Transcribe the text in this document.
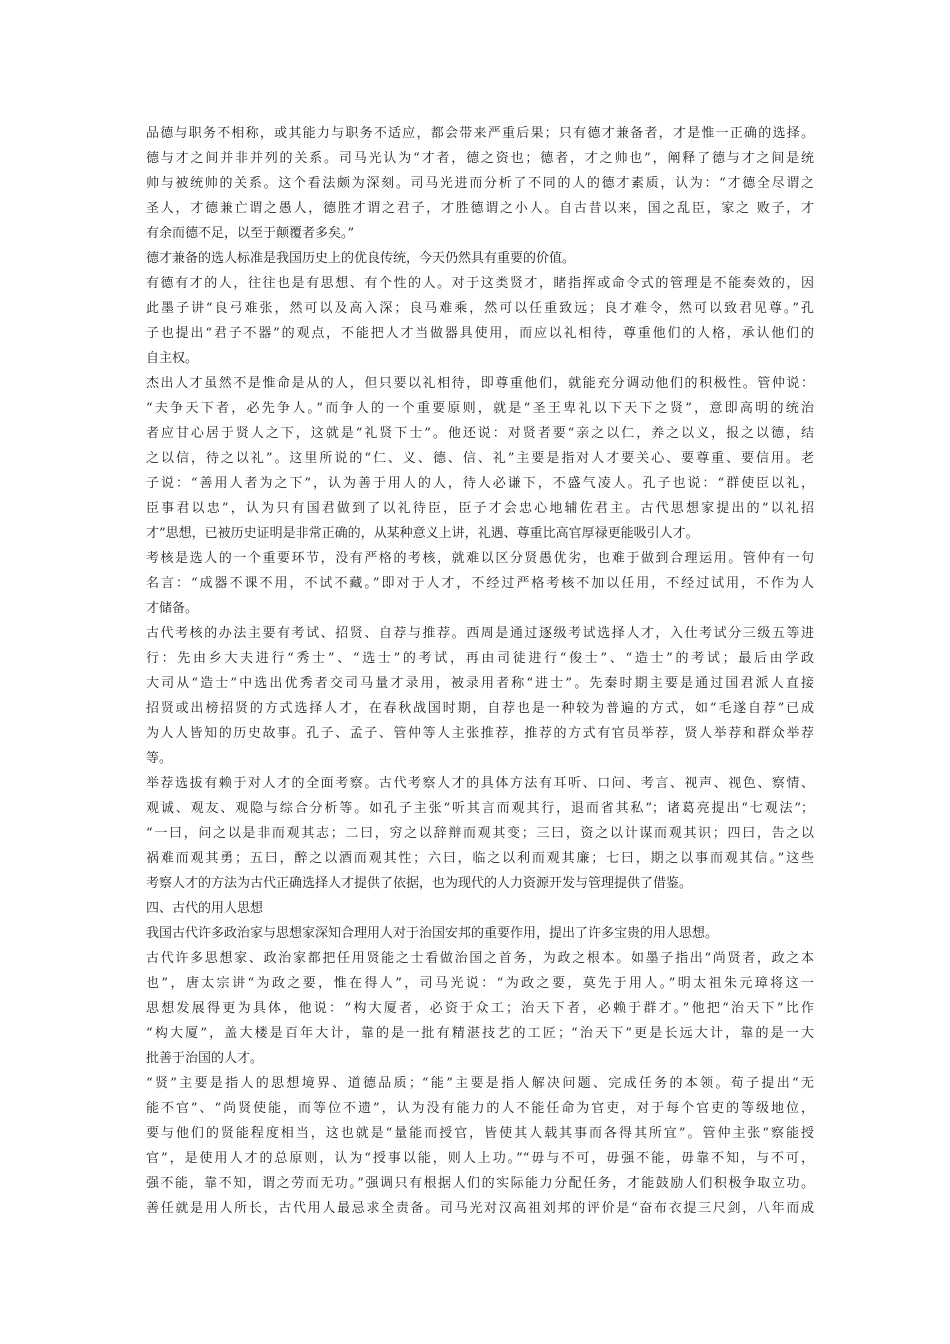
品德与职务不相称，或其能力与职务不适应，都会带来严重后果；只有德才兼备者，才是惟一正确的选择。
德与才之间并非并列的关系。司马光认为“才者，德之资也；德者，才之帅也”，阐释了德与才之间是统
帅与被统帅的关系。这个看法颇为深刻。司马光进而分析了不同的人的德才素质，认为：“才德全尽谓之
圣人，才德兼亡谓之愚人，德胜才谓之君子，才胜德谓之小人。自古昔以来，国之乱臣，家之 败子，才
有余而德不足，以至于颠覆者多矣。”
德才兼备的选人标准是我国历史上的优良传统，今天仍然具有重要的价值。
有德有才的人，往往也是有思想、有个性的人。对于这类贤才，睹指挥或命令式的管理是不能奏效的，因
此墨子讲“良弓难张，然可以及高入深；良马难乘，然可以任重致远；良才难令，然可以致君见尊。”孔
子也提出“君子不器”的观点，不能把人才当做器具使用，而应以礼相待，尊重他们的人格，承认他们的
自主权。
杰出人才虽然不是惟命是从的人，但只要以礼相待，即尊重他们，就能充分调动他们的积极性。管仲说：
“夫争天下者，必先争人。”而争人的一个重要原则，就是“圣王卑礼以下天下之贤”，意即高明的统治
者应甘心居于贤人之下，这就是“礼贤下士”。他还说：对贤者要“亲之以仁，养之以义，报之以德，结
之以信，待之以礼”。这里所说的“仁、义、德、信、礼”主要是指对人才要关心、要尊重、要信用。老
子说：“善用人者为之下”，认为善于用人的人，待人必谦下，不盛气凌人。孔子也说：“群使臣以礼，
臣事君以忠”，认为只有国君做到了以礼待臣，臣子才会忠心地辅佐君主。古代思想家提出的“以礼招
才”思想，已被历史证明是非常正确的，从某种意义上讲，礼遇、尊重比高官厚禄更能吸引人才。
考核是选人的一个重要环节，没有严格的考核，就难以区分贤愚优劣，也难于做到合理运用。管仲有一句
名言：“成器不课不用，不试不藏。”即对于人才，不经过严格考核不加以任用，不经过试用，不作为人
才储备。
古代考核的办法主要有考试、招贤、自荐与推荐。西周是通过逐级考试选择人才，入仕考试分三级五等进
行：先由乡大夫进行“秀士”、“选士”的考试，再由司徒进行“俊士”、“造士”的考试；最后由学政
大司从“造士”中选出优秀者交司马量才录用，被录用者称“进士”。先秦时期主要是通过国君派人直接
招贤或出榜招贤的方式选择人才，在春秋战国时期，自荐也是一种较为普遍的方式，如“毛遂自荐”已成
为人人皆知的历史故事。孔子、孟子、管仲等人主张推荐，推荐的方式有官员举荐，贤人举荐和群众举荐
等。
举荐选拔有赖于对人才的全面考察。古代考察人才的具体方法有耳听、口问、考言、视声、视色、察情、
观诚、观友、观隐与综合分析等。如孔子主张“听其言而观其行，退而省其私”；诸葛亮提出“七观法”；
“一曰，问之以是非而观其志；二曰，穷之以辞辩而观其变；三曰，资之以计谋而观其识；四曰，告之以
祸难而观其勇；五曰，醉之以酒而观其性；六曰，临之以利而观其廉；七曰，期之以事而观其信。”这些
考察人才的方法为古代正确选择人才提供了依据，也为现代的人力资源开发与管理提供了借鉴。
四、古代的用人思想
我国古代许多政治家与思想家深知合理用人对于治国安邦的重要作用，提出了许多宝贵的用人思想。
古代许多思想家、政治家都把任用贤能之士看做治国之首务，为政之根本。如墨子指出“尚贤者，政之本
也”，唐太宗讲“为政之要，惟在得人”，司马光说：“为政之要，莫先于用人。”明太祖朱元璋将这一
思想发展得更为具体，他说：“构大厦者，必资于众工；治天下者，必赖于群才。”他把“治天下”比作
“构大厦”，盖大楼是百年大计，靠的是一批有精湛技艺的工匠；“治天下”更是长远大计，靠的是一大
批善于治国的人才。
“贤”主要是指人的思想境界、道德品质；“能”主要是指人解决问题、完成任务的本领。荀子提出“无
能不官”、“尚贤使能，而等位不遗”，认为没有能力的人不能任命为官吏，对于每个官吏的等级地位，
要与他们的贤能程度相当，这也就是“量能而授官，皆使其人载其事而各得其所宜”。管仲主张“察能授
官”，是使用人才的总原则，认为“授事以能，则人上功。”“毋与不可，毋强不能，毋靠不知，与不可，
强不能，靠不知，谓之劳而无功。”强调只有根据人们的实际能力分配任务，才能鼓励人们积极争取立功。
善任就是用人所长，古代用人最忌求全责备。司马光对汉高祖刘邦的评价是“奋布衣提三尺剑，八年而成
